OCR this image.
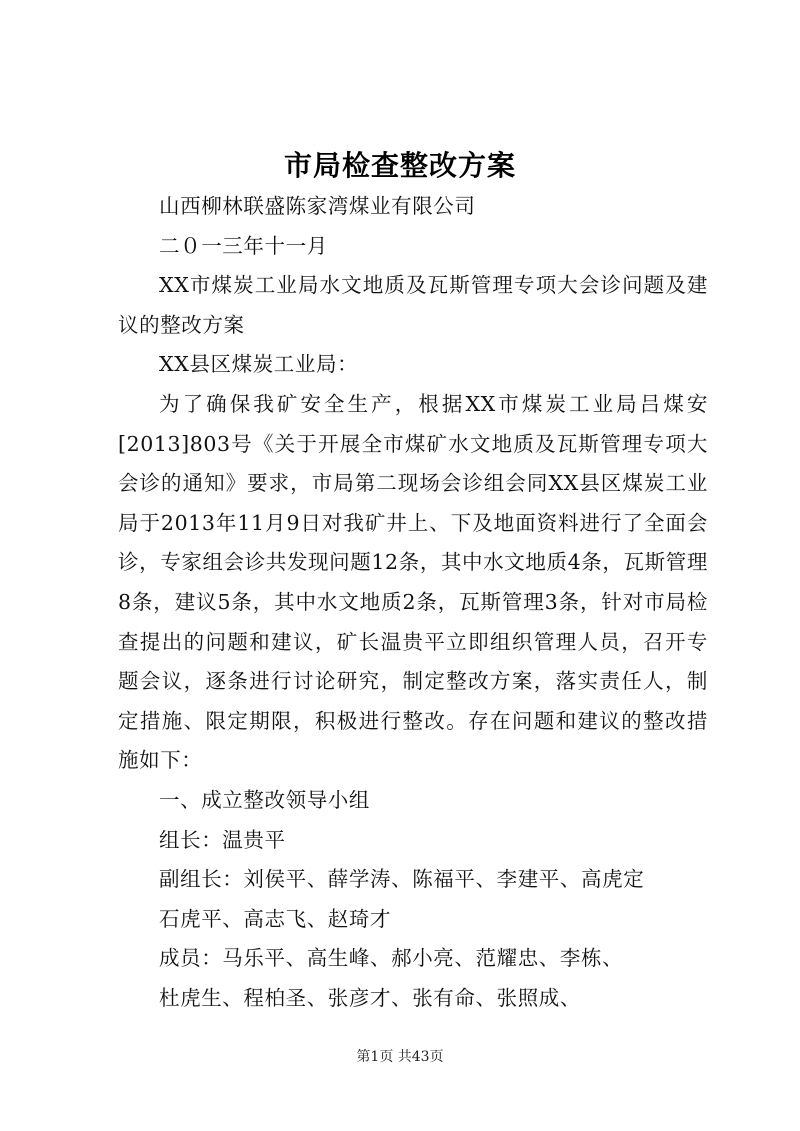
市局检查整改方案

山西柳林联盛陈家湾煤业有限公司

二０一三年十一月

XX市煤炭工业局水文地质及瓦斯管理专项大会诊问题及建议的整改方案

XX县区煤炭工业局：

为了确保我矿安全生产，根据XX市煤炭工业局吕煤安[2013]803号《关于开展全市煤矿水文地质及瓦斯管理专项大会诊的通知》要求，市局第二现场会诊组会同XX县区煤炭工业局于2013年11月9日对我矿井上、下及地面资料进行了全面会诊，专家组会诊共发现问题12条，其中水文地质4条，瓦斯管理8条，建议5条，其中水文地质2条，瓦斯管理3条，针对市局检查提出的问题和建议，矿长温贵平立即组织管理人员，召开专题会议，逐条进行讨论研究，制定整改方案，落实责任人，制定措施、限定期限，积极进行整改。存在问题和建议的整改措施如下：

一、成立整改领导小组

组长：温贵平

副组长：刘侯平、薛学涛、陈福平、李建平、高虎定

石虎平、高志飞、赵琦才

成员：马乐平、高生峰、郝小亮、范耀忠、李栋、

杜虎生、程柏圣、张彦才、张有命、张照成、

第1页 共43页
